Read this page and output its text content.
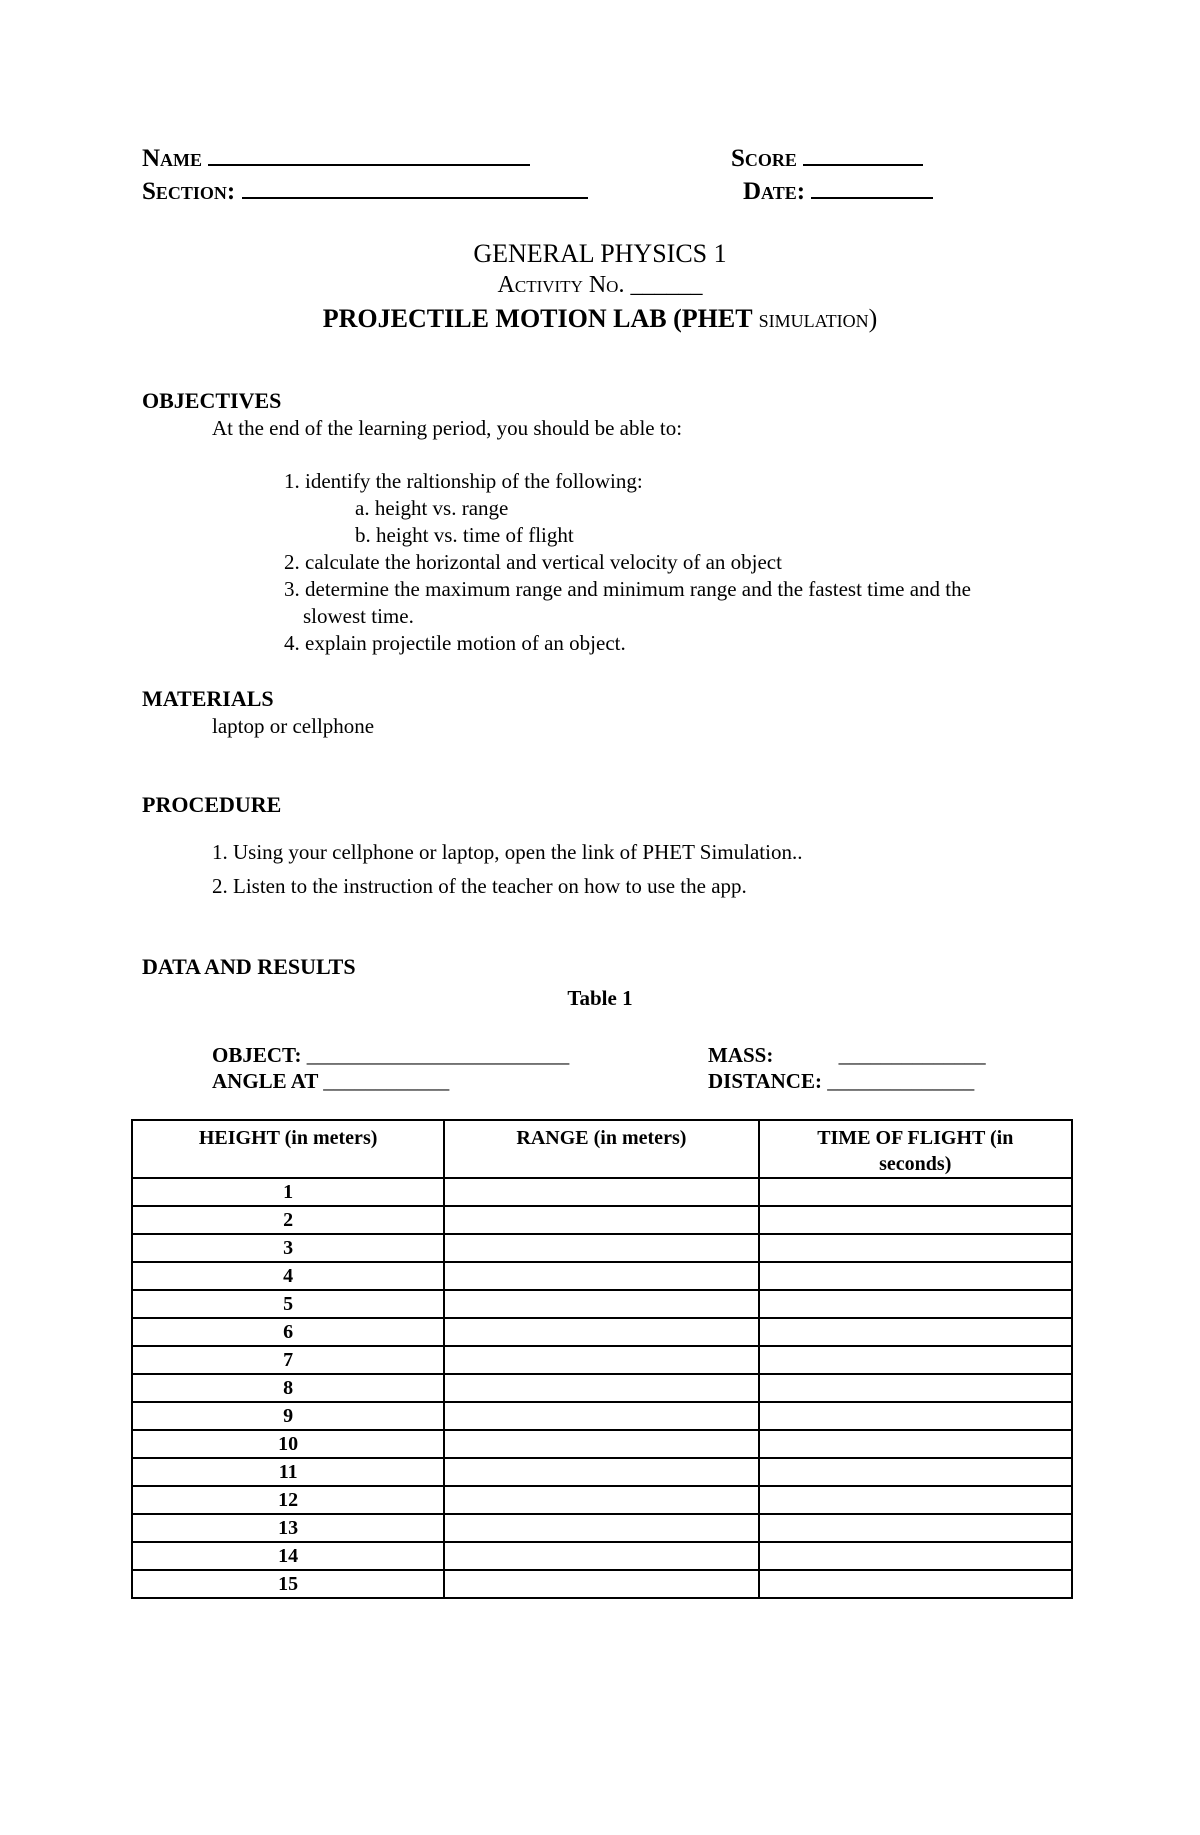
Name
Section:
Score
Date:
GENERAL PHYSICS 1
Activity No. ______
PROJECTILE MOTION LAB (PHET simulation)
OBJECTIVES
At the end of the learning period, you should be able to:
1. identify the raltionship of the following:
a. height vs. range
b. height vs. time of flight
2. calculate the horizontal and vertical velocity of an object
3. determine the maximum range and minimum range and the fastest time and the
slowest time.
4. explain projectile motion of an object.
MATERIALS
laptop or cellphone
PROCEDURE
1. Using your cellphone or laptop, open the link of PHET Simulation..
2. Listen to the instruction of the teacher on how to use the app.
DATA AND RESULTS
Table 1
OBJECT: _________________________
ANGLE AT ____________
MASS:	______________
DISTANCE: ______________
HEIGHT (in meters)	RANGE (in meters)	TIME OF FLIGHT (in seconds)
1		
2		
3		
4		
5		
6		
7		
8		
9		
10		
11		
12		
13		
14		
15		
